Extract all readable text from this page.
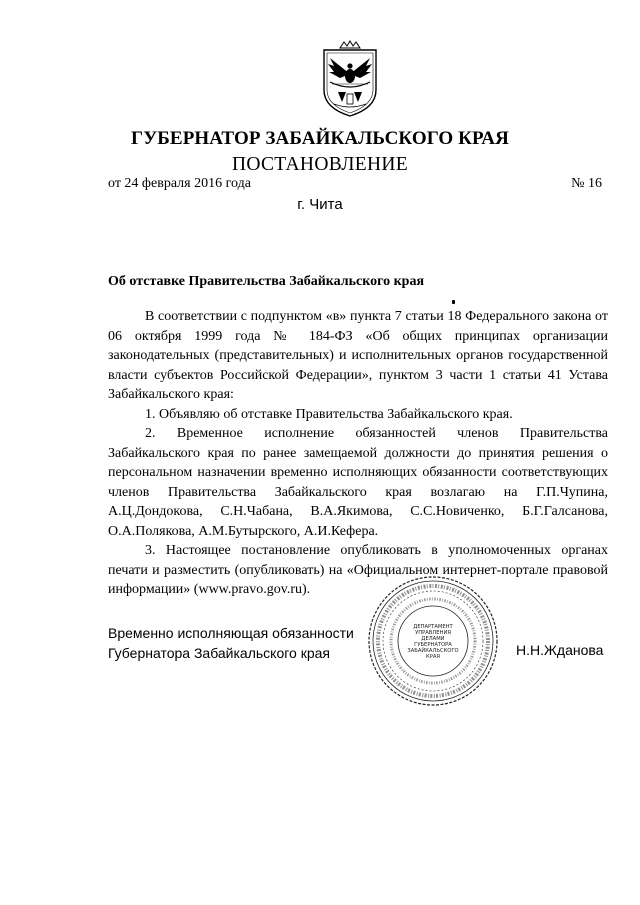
ГУБЕРНАТОР ЗАБАЙКАЛЬСКОГО КРАЯ
ПОСТАНОВЛЕНИЕ
от 24 февраля 2016 года	№ 16
г. Чита
Об отставке Правительства Забайкальского края

В соответствии с подпунктом «в» пункта 7 статьи 18 Федерального закона от 06 октября 1999 года № 184-ФЗ «Об общих принципах организации законодательных (представительных) и исполнительных органов государственной власти субъектов Российской Федерации», пунктом 3 части 1 статьи 41 Устава Забайкальского края:

1. Объявляю об отставке Правительства Забайкальского края.

2. Временное исполнение обязанностей членов Правительства Забайкальского края по ранее замещаемой должности до принятия решения о персональном назначении временно исполняющих обязанности соответствующих членов Правительства Забайкальского края возлагаю на Г.П.Чупина, А.Ц.Дондокова, С.Н.Чабана, В.А.Якимова, С.С.Новиченко, Б.Г.Галсанова, О.А.Полякова, А.М.Бутырского, А.И.Кефера.

3. Настоящее постановление опубликовать в уполномоченных органах печати и разместить (опубликовать) на «Официальном интернет-портале правовой информации» (www.pravo.gov.ru).

Временно исполняющая обязанности
Губернатора Забайкальского края
ДЕПАРТАМЕНТ
УПРАВЛЕНИЯ
ДЕЛАМИ
ГУБЕРНАТОРА
ЗАБАЙКАЛЬСКОГО
КРАЯ	Н.Н.Жданова
